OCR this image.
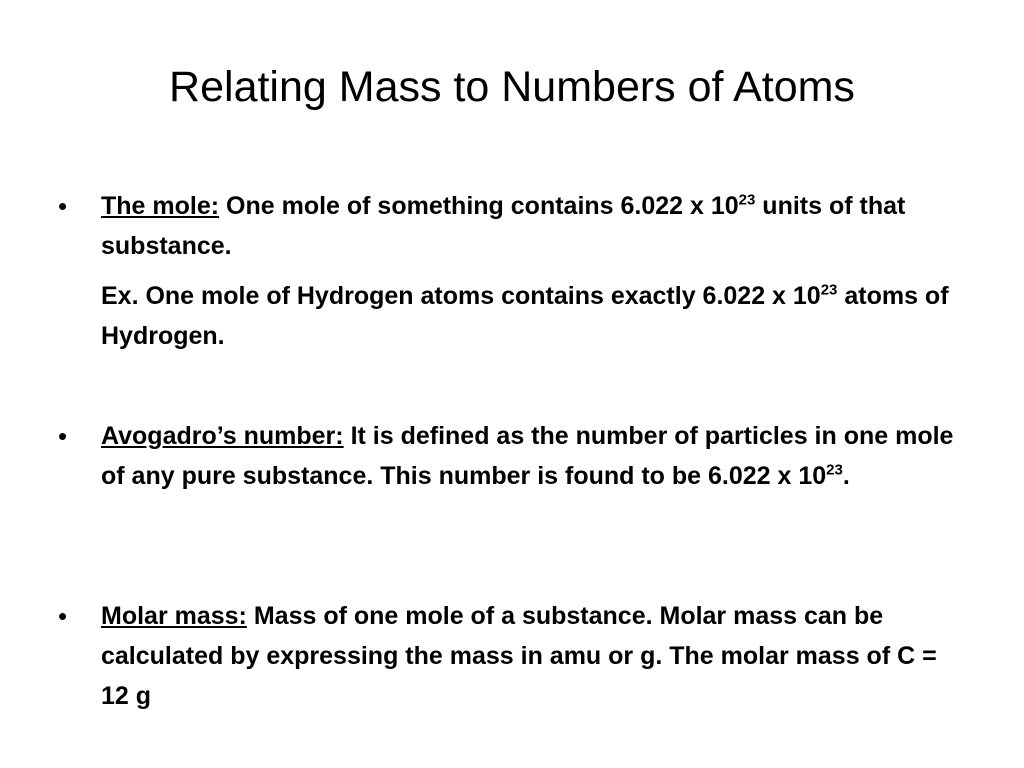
Relating Mass to Numbers of Atoms
• The mole: One mole of something contains 6.022 x $10^{23}$ units of that substance.

Ex. One mole of Hydrogen atoms contains exactly 6.022 x $10^{23}$ atoms of Hydrogen.

• Avogadro’s number: It is defined as the number of particles in one mole of any pure substance. This number is found to be 6.022 x $10^{23}$.

• Molar mass: Mass of one mole of a substance. Molar mass can be calculated by expressing the mass in amu or g. The molar mass of C = 12 g
